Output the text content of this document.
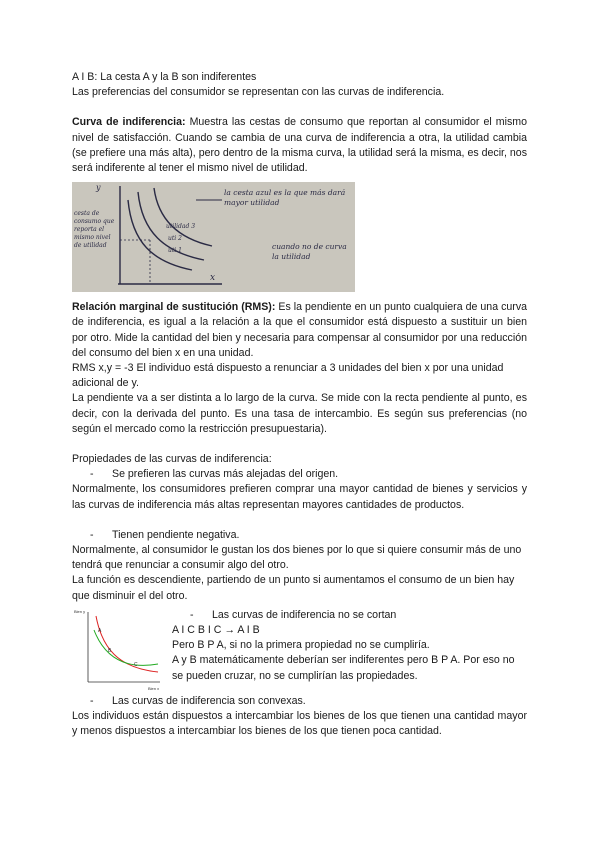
A I B: La cesta A y la B son indiferentes

Las preferencias del consumidor se representan con las curvas de indiferencia.

Curva de indiferencia: Muestra las cestas de consumo que reportan al consumidor el mismo nivel de satisfacción. Cuando se cambia de una curva de indiferencia a otra, la utilidad cambia (se prefiere una más alta), pero dentro de la misma curva, la utilidad será la misma, es decir, nos será indiferente al tener el mismo nivel de utilidad.

y
x
utilidad 3
uti 2
uti 1
cesta de consumo que reporta el mismo nivel de utilidad
la cesta azul es la que más dará mayor utilidad
cuando no de curva la utilidad

Relación marginal de sustitución (RMS): Es la pendiente en un punto cualquiera de una curva de indiferencia, es igual a la relación a la que el consumidor está dispuesto a sustituir un bien por otro. Mide la cantidad del bien y necesaria para compensar al consumidor por una reducción del consumo del bien x en una unidad.

RMS x,y = -3 El individuo está dispuesto a renunciar a 3 unidades del bien x por una unidad adicional de y.

La pendiente va a ser distinta a lo largo de la curva. Se mide con la recta pendiente al punto, es decir, con la derivada del punto. Es una tasa de intercambio. Es según sus preferencias (no según el mercado como la restricción presupuestaria).

Propiedades de las curvas de indiferencia:

- Se prefieren las curvas más alejadas del origen.

Normalmente, los consumidores prefieren comprar una mayor cantidad de bienes y servicios y las curvas de indiferencia más altas representan mayores cantidades de productos.

- Tienen pendiente negativa.

Normalmente, al consumidor le gustan los dos bienes por lo que si quiere consumir más de uno tendrá que renunciar a consumir algo del otro.

La función es descendiente, partiendo de un punto si aumentamos el consumo de un bien hay que disminuir el del otro.

Bien y
Bien x
A
B
C

- Las curvas de indiferencia no se cortan

A I C B I C → A I B

Pero B P A, si no la primera propiedad no se cumpliría.

A y B matemáticamente deberían ser indiferentes pero B P A. Por eso no se pueden cruzar, no se cumplirían las propiedades.

- Las curvas de indiferencia son convexas.

Los individuos están dispuestos a intercambiar los bienes de los que tienen una cantidad mayor y menos dispuestos a intercambiar los bienes de los que tienen poca cantidad.
